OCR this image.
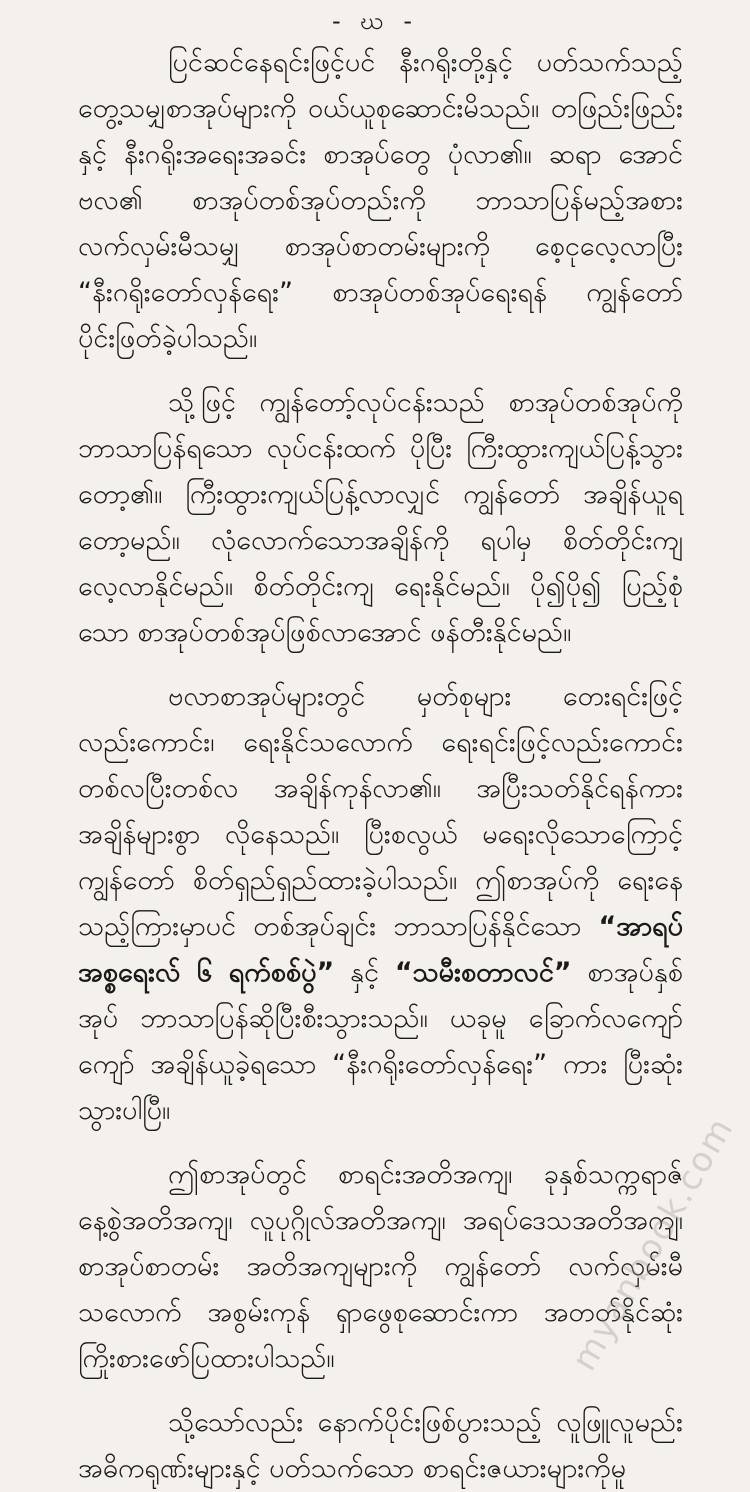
- ဃ -

ပြင်ဆင်နေရင်းဖြင့်ပင် နီးဂရိုးတို့နှင့် ပတ်သက်သည့် တွေ့သမျှစာအုပ်များကို ဝယ်ယူစုဆောင်းမိသည်။ တဖြည်းဖြည်းနှင့် နီးဂရိုးအရေးအခင်း စာအုပ်တွေ ပုံလာ၏။ ဆရာ အောင်ဗလ၏ စာအုပ်တစ်အုပ်တည်းကို ဘာသာပြန်မည့်အစား လက်လှမ်းမီသမျှ စာအုပ်စာတမ်းများကို စေ့ငုလေ့လာပြီး “နီးဂရိုးတော်လှန်ရေး” စာအုပ်တစ်အုပ်ရေးရန် ကျွန်တော် ပိုင်းဖြတ်ခဲ့ပါသည်။

သို့ဖြင့် ကျွန်တော့်လုပ်ငန်းသည် စာအုပ်တစ်အုပ်ကို ဘာသာပြန်ရသော လုပ်ငန်းထက် ပိုပြီး ကြီးထွားကျယ်ပြန့်သွားတော့၏။ ကြီးထွားကျယ်ပြန့်လာလျှင် ကျွန်တော် အချိန်ယူရတော့မည်။ လုံလောက်သောအချိန်ကို ရပါမှ စိတ်တိုင်းကျ လေ့လာနိုင်မည်။ စိတ်တိုင်းကျ ရေးနိုင်မည်။ ပို၍ပို၍ ပြည့်စုံသော စာအုပ်တစ်အုပ်ဖြစ်လာအောင် ဖန်တီးနိုင်မည်။

ဗလာစာအုပ်များတွင် မှတ်စုများ တေးရင်းဖြင့်လည်းကောင်း၊ ရေးနိုင်သလောက် ရေးရင်းဖြင့်လည်းကောင်း တစ်လပြီးတစ်လ အချိန်ကုန်လာ၏။ အပြီးသတ်နိုင်ရန်ကား အချိန်များစွာ လိုနေသည်။ ပြီးစလွယ် မရေးလိုသောကြောင့် ကျွန်တော် စိတ်ရှည်ရှည်ထားခဲ့ပါသည်။ ဤစာအုပ်ကို ရေးနေသည့်ကြားမှာပင် တစ်အုပ်ချင်း ဘာသာပြန်နိုင်သော “အာရပ် အစ္စရေးလ် ၆ ရက်စစ်ပွဲ” နှင့် “သမီးစတာလင်” စာအုပ်နှစ်အုပ် ဘာသာပြန်ဆိုပြီးစီးသွားသည်။ ယခုမူ ခြောက်လကျော်ကျော် အချိန်ယူခဲ့ရသော “နီးဂရိုးတော်လှန်ရေး” ကား ပြီးဆုံးသွားပါပြီ။

ဤစာအုပ်တွင် စာရင်းအတိအကျ၊ ခုနှစ်သက္ကရာဇ် နေ့စွဲအတိအကျ၊ လူပုဂ္ဂိုလ်အတိအကျ၊ အရပ်ဒေသအတိအကျ၊ စာအုပ်စာတမ်း အတိအကျများကို ကျွန်တော် လက်လှမ်းမီသလောက် အစွမ်းကုန် ရှာဖွေစုဆောင်းကာ အတတ်နိုင်ဆုံး ကြိုးစားဖော်ပြထားပါသည်။

သို့သော်လည်း နောက်ပိုင်းဖြစ်ပွားသည့် လူဖြူလူမည်း အဓိကရုဏ်းများနှင့် ပတ်သက်သော စာရင်းဇယားများကိုမူ

myanbook.com
